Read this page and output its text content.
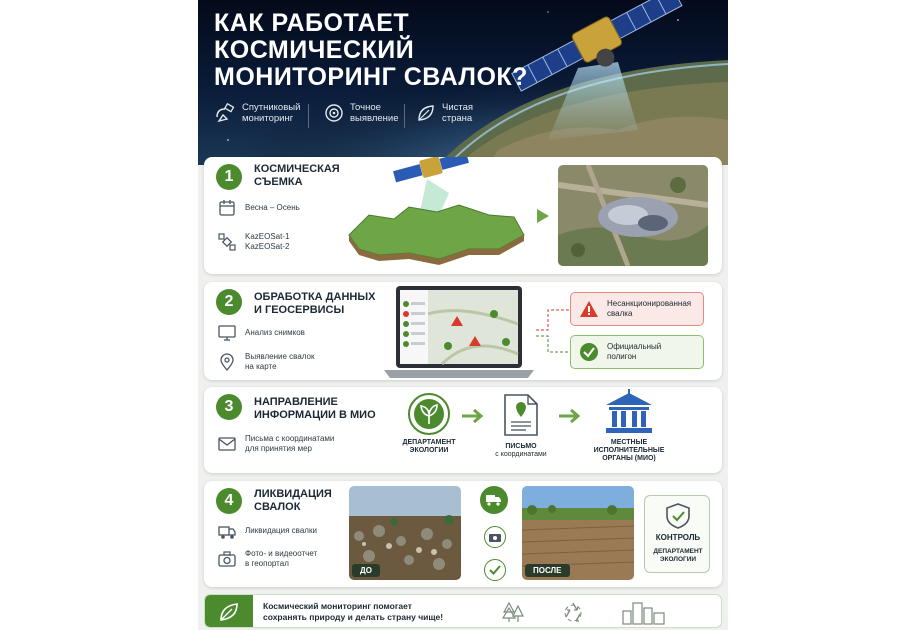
КАК РАБОТАЕТ
КОСМИЧЕСКИЙ
МОНИТОРИНГ СВАЛОК?
Спутниковый
мониторинг
Точное
выявление
Чистая
страна
1	КОСМИЧЕСКАЯ
СЪЕМКА
Весна – Осень
KazEOSat-1
KazEOSat-2
2	ОБРАБОТКА ДАННЫХ
И ГЕОСЕРВИСЫ
Анализ снимков
Выявление свалок
на карте
Несанкционированная
свалка
Официальный
полигон
3	НАПРАВЛЕНИЕ
ИНФОРМАЦИИ В МИО
Письма с координатами
для принятия мер
ДЕПАРТАМЕНТ
ЭКОЛОГИИ
ПИСЬМО
с координатами
МЕСТНЫЕ
ИСПОЛНИТЕЛЬНЫЕ
ОРГАНЫ (МИО)
4	ЛИКВИДАЦИЯ
СВАЛОК
Ликвидация свалки
Фото- и видеоотчет
в геопортал
ДО	ПОСЛЕ
КОНТРОЛЬ
ДЕПАРТАМЕНТ
ЭКОЛОГИИ
Космический мониторинг помогает
сохранять природу и делать страну чище!
